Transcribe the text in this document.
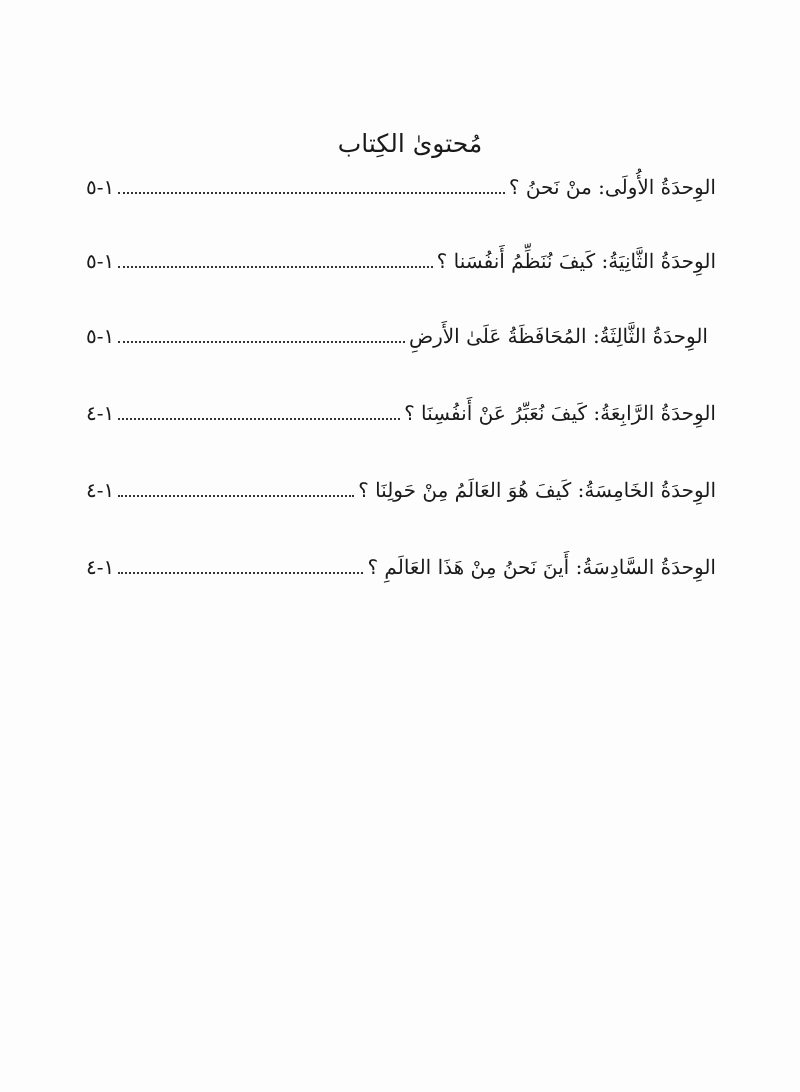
مُحتوىٰ الكِتاب
الوِحدَةُ الأُولَى: منْ نَحنُ ؟
١-٥
الوِحدَةُ الثَّانِيَةُ: كَيفَ نُنَظِّمُ أَنفُسَنا ؟
١-٥
الوِحدَةُ الثَّالِثَةُ: المُحَافَظَةُ عَلَىٰ الأَرضِ
١-٥
الوِحدَةُ الرَّابِعَةُ: كَيفَ نُعَبِّرُ عَنْ أَنفُسِنَا ؟
١-٤
الوِحدَةُ الخَامِسَةُ: كَيفَ هُوَ العَالَمُ مِنْ حَولِنَا ؟
١-٤
الوِحدَةُ السَّادِسَةُ: أَينَ نَحنُ مِنْ هَذَا العَالَمِ ؟
١-٤
